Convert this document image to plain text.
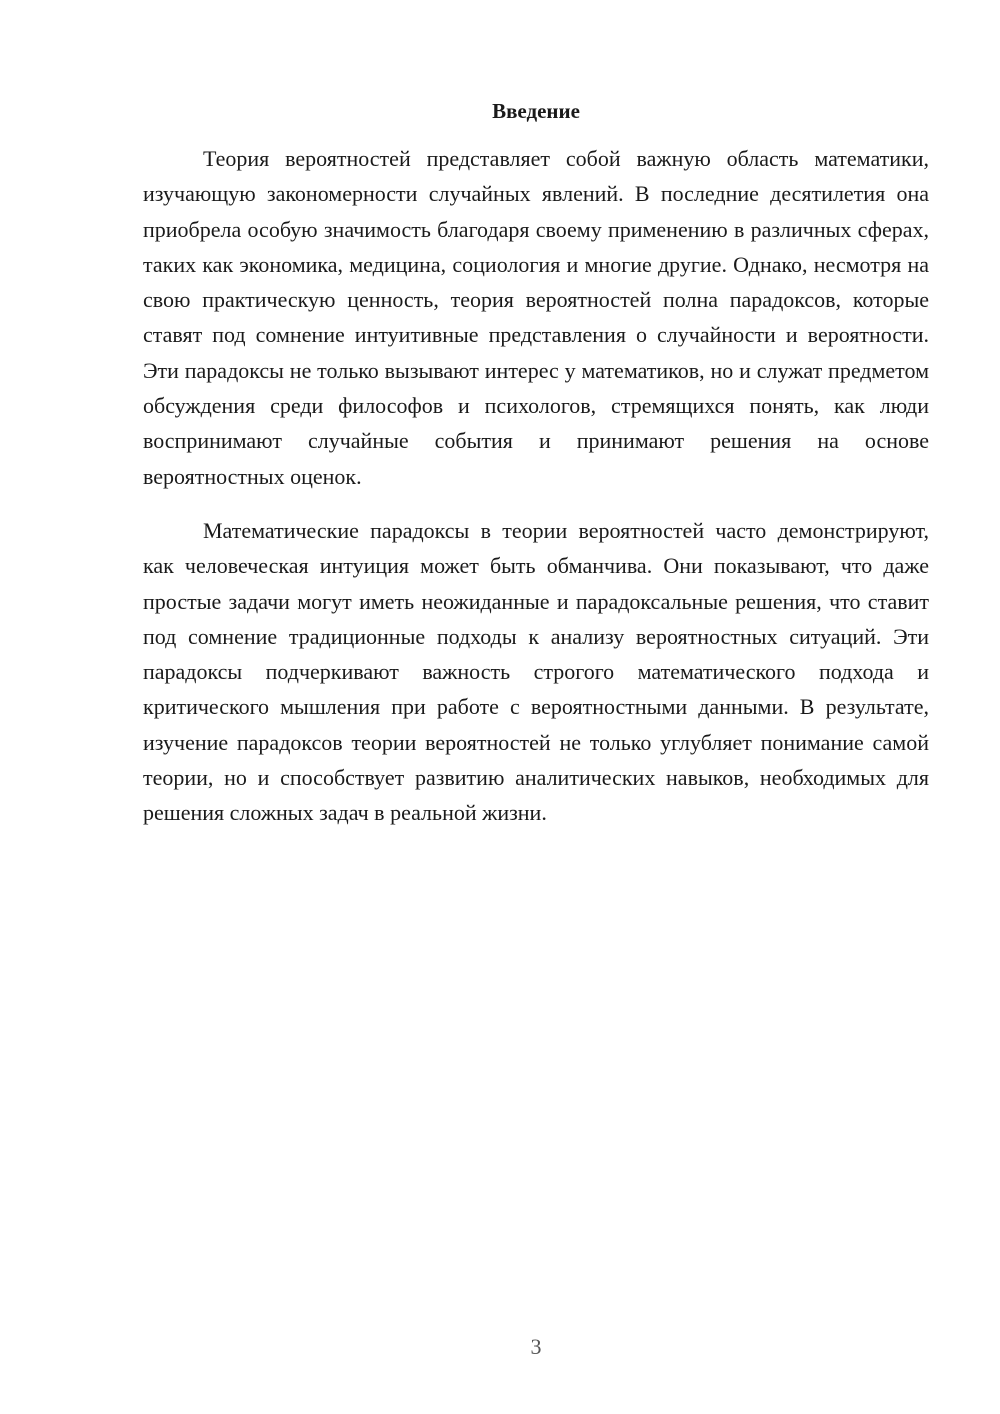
Введение

Теория вероятностей представляет собой важную область математики, изучающую закономерности случайных явлений. В последние десятилетия она приобрела особую значимость благодаря своему применению в различных сферах, таких как экономика, медицина, социология и многие другие. Однако, несмотря на свою практическую ценность, теория вероятностей полна парадоксов, которые ставят под сомнение интуитивные представления о случайности и вероятности. Эти парадоксы не только вызывают интерес у математиков, но и служат предметом обсуждения среди философов и психологов, стремящихся понять, как люди воспринимают случайные события и принимают решения на основе вероятностных оценок.

Математические парадоксы в теории вероятностей часто демонстрируют, как человеческая интуиция может быть обманчива. Они показывают, что даже простые задачи могут иметь неожиданные и парадоксальные решения, что ставит под сомнение традиционные подходы к анализу вероятностных ситуаций. Эти парадоксы подчеркивают важность строгого математического подхода и критического мышления при работе с вероятностными данными. В результате, изучение парадоксов теории вероятностей не только углубляет понимание самой теории, но и способствует развитию аналитических навыков, необходимых для решения сложных задач в реальной жизни.

3
